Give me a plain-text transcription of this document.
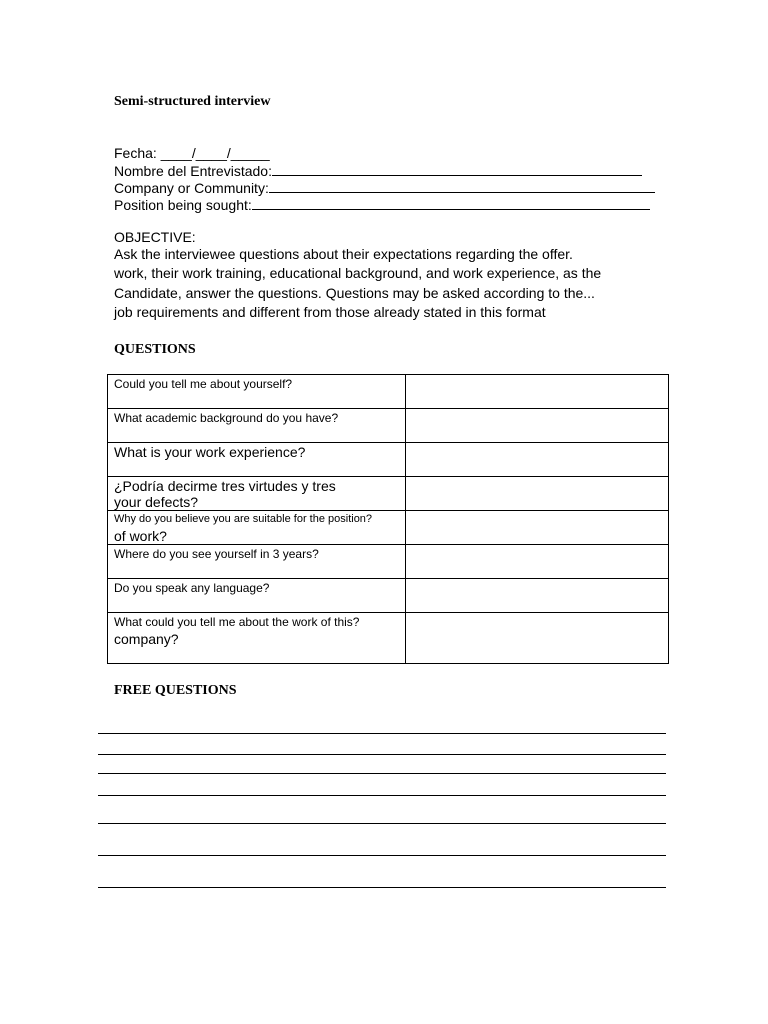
Semi-structured interview
Fecha: ____/____/_____
Nombre del Entrevistado:
Company or Community:
Position being sought:
OBJECTIVE:
Ask the interviewee questions about their expectations regarding the offer.
work, their work training, educational background, and work experience, as the
Candidate, answer the questions. Questions may be asked according to the...
job requirements and different from those already stated in this format
QUESTIONS
Could you tell me about yourself?	

What academic background do you have?	

What is your work experience?	

¿Podría decirme tres virtudes y tres
your defects?	

Why do you believe you are suitable for the position?
of work?	

Where do you see yourself in 3 years?	

Do you speak any language?	

What could you tell me about the work of this?
company?	

FREE QUESTIONS
